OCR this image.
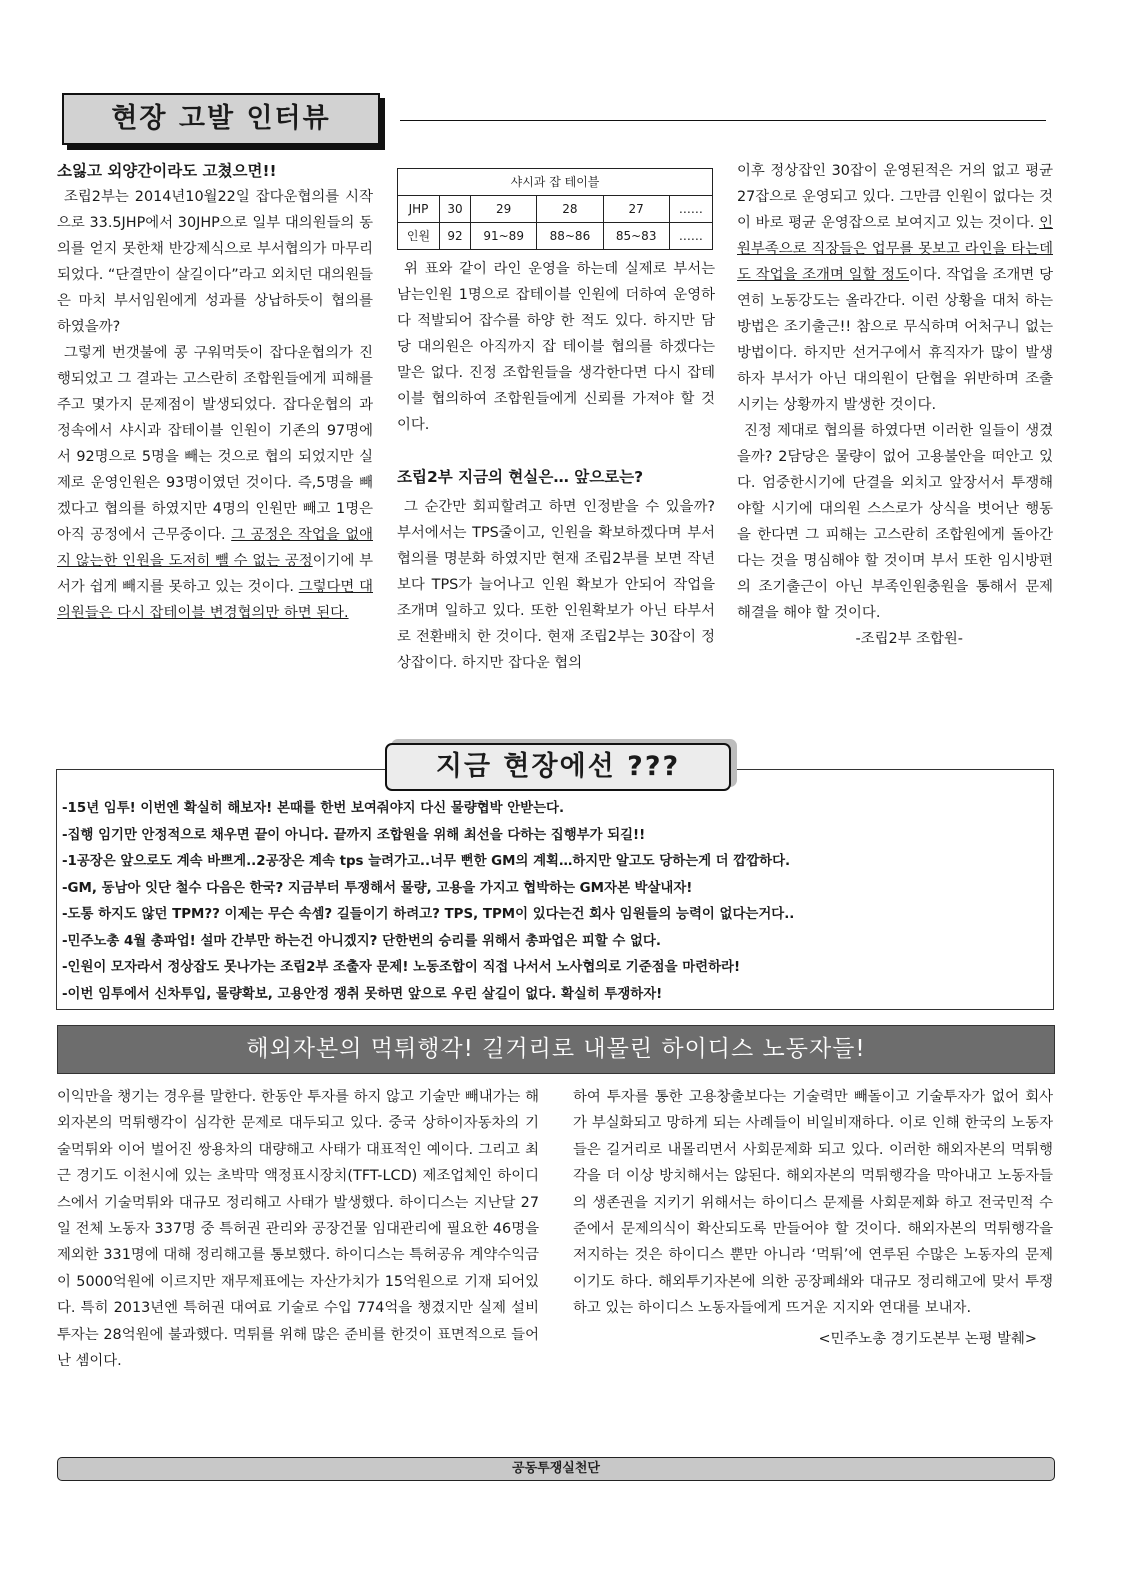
현장 고발 인터뷰
소잃고 외양간이라도 고쳤으면!!

조립2부는 2014년10월22일 잡다운협의를 시작으로 33.5JHP에서 30JHP으로 일부 대의원들의 동의를 얻지 못한채 반강제식으로 부서협의가 마무리 되었다. “단결만이 살길이다”라고 외치던 대의원들은 마치 부서임원에게 성과를 상납하듯이 협의를 하였을까?

그렇게 번갯불에 콩 구워먹듯이 잡다운협의가 진행되었고 그 결과는 고스란히 조합원들에게 피해를 주고 몇가지 문제점이 발생되었다. 잡다운협의 과정속에서 샤시과 잡테이블 인원이 기존의 97명에서 92명으로 5명을 빼는 것으로 협의 되었지만 실제로 운영인원은 93명이였던 것이다. 즉,5명을 빼겠다고 협의를 하였지만 4명의 인원만 빼고 1명은 아직 공정에서 근무중이다. 그 공정은 작업을 없애지 않는한 인원을 도저히 뺄 수 없는 공정이기에 부서가 쉽게 빼지를 못하고 있는 것이다. 그렇다면 대의원들은 다시 잡테이블 변경협의만 하면 된다.

샤시과 잡 테이블					
JHP	30	29	28	27	……
인원	92	91~89	88~86	85~83	……

위 표와 같이 라인 운영을 하는데 실제로 부서는 남는인원 1명으로 잡테이블 인원에 더하여 운영하다 적발되어 잡수를 하양 한 적도 있다. 하지만 담당 대의원은 아직까지 잡 테이블 협의를 하겠다는 말은 없다. 진정 조합원들을 생각한다면 다시 잡테이블 협의하여 조합원들에게 신뢰를 가져야 할 것이다.

조립2부 지금의 현실은… 앞으로는?

그 순간만 회피할려고 하면 인정받을 수 있을까? 부서에서는 TPS줄이고, 인원을 확보하겠다며 부서협의를 명분화 하였지만 현재 조립2부를 보면 작년보다 TPS가 늘어나고 인원 확보가 안되어 작업을 조개며 일하고 있다. 또한 인원확보가 아닌 타부서로 전환배치 한 것이다. 현재 조립2부는 30잡이 정상잡이다. 하지만 잡다운 협의

이후 정상잡인 30잡이 운영된적은 거의 없고 평균 27잡으로 운영되고 있다. 그만큼 인원이 없다는 것이 바로 평균 운영잡으로 보여지고 있는 것이다. 인원부족으로 직장들은 업무를 못보고 라인을 타는데도 작업을 조개며 일할 정도이다. 작업을 조개면 당연히 노동강도는 올라간다. 이런 상황을 대처 하는 방법은 조기출근!! 참으로 무식하며 어처구니 없는 방법이다. 하지만 선거구에서 휴직자가 많이 발생하자 부서가 아닌 대의원이 단협을 위반하며 조출시키는 상황까지 발생한 것이다.

진정 제대로 협의를 하였다면 이러한 일들이 생겼을까? 2담당은 물량이 없어 고용불안을 떠안고 있다. 엄중한시기에 단결을 외치고 앞장서서 투쟁해야할 시기에 대의원 스스로가 상식을 벗어난 행동을 한다면 그 피해는 고스란히 조합원에게 돌아간다는 것을 명심해야 할 것이며 부서 또한 임시방편의 조기출근이 아닌 부족인원충원을 통해서 문제 해결을 해야 할 것이다.

-조립2부 조합원-
지금 현장에선 ???
-15년 임투! 이번엔 확실히 해보자! 본때를 한번 보여줘야지 다신 물량협박 안받는다.
-집행 임기만 안정적으로 채우면 끝이 아니다. 끝까지 조합원을 위해 최선을 다하는 집행부가 되길!!
-1공장은 앞으로도 계속 바쁘게..2공장은 계속 tps 늘려가고..너무 뻔한 GM의 계획…하지만 알고도 당하는게 더 깝깝하다.
-GM, 동남아 잇단 철수 다음은 한국? 지금부터 투쟁해서 물량, 고용을 가지고 협박하는 GM자본 박살내자!
-도통 하지도 않던 TPM?? 이제는 무슨 속셈? 길들이기 하려고? TPS, TPM이 있다는건 회사 임원들의 능력이 없다는거다..
-민주노총 4월 총파업! 설마 간부만 하는건 아니겠지? 단한번의 승리를 위해서 총파업은 피할 수 없다.
-인원이 모자라서 정상잡도 못나가는 조립2부 조출자 문제! 노동조합이 직접 나서서 노사협의로 기준점을 마련하라!
-이번 임투에서 신차투입, 물량확보, 고용안정 쟁취 못하면 앞으로 우린 살길이 없다. 확실히 투쟁하자!
해외자본의 먹튀행각! 길거리로 내몰린 하이디스 노동자들!

이익만을 챙기는 경우를 말한다. 한동안 투자를 하지 않고 기술만 빼내가는 해외자본의 먹튀행각이 심각한 문제로 대두되고 있다. 중국 상하이자동차의 기술먹튀와 이어 벌어진 쌍용차의 대량해고 사태가 대표적인 예이다. 그리고 최근 경기도 이천시에 있는 초박막 액정표시장치(TFT-LCD) 제조업체인 하이디스에서 기술먹튀와 대규모 정리해고 사태가 발생했다. 하이디스는 지난달 27일 전체 노동자 337명 중 특허권 관리와 공장건물 임대관리에 필요한 46명을 제외한 331명에 대해 정리해고를 통보했다. 하이디스는 특허공유 계약수익금이 5000억원에 이르지만 재무제표에는 자산가치가 15억원으로 기재 되어있다. 특히 2013년엔 특허권 대여료 기술로 수입 774억을 챙겼지만 실제 설비투자는 28억원에 불과했다. 먹튀를 위해 많은 준비를 한것이 표면적으로 들어난 셈이다.

하여 투자를 통한 고용창출보다는 기술력만 빼돌이고 기술투자가 없어 회사가 부실화되고 망하게 되는 사례들이 비일비재하다. 이로 인해 한국의 노동자들은 길거리로 내몰리면서 사회문제화 되고 있다. 이러한 해외자본의 먹튀행각을 더 이상 방치해서는 않된다. 해외자본의 먹튀행각을 막아내고 노동자들의 생존권을 지키기 위해서는 하이디스 문제를 사회문제화 하고 전국민적 수준에서 문제의식이 확산되도록 만들어야 할 것이다. 해외자본의 먹튀행각을 저지하는 것은 하이디스 뿐만 아니라 ‘먹튀’에 연루된 수많은 노동자의 문제이기도 하다. 해외투기자본에 의한 공장폐쇄와 대규모 정리해고에 맞서 투쟁하고 있는 하이디스 노동자들에게 뜨거운 지지와 연대를 보내자.

<민주노총 경기도본부 논평 발췌>
공동투쟁실천단
